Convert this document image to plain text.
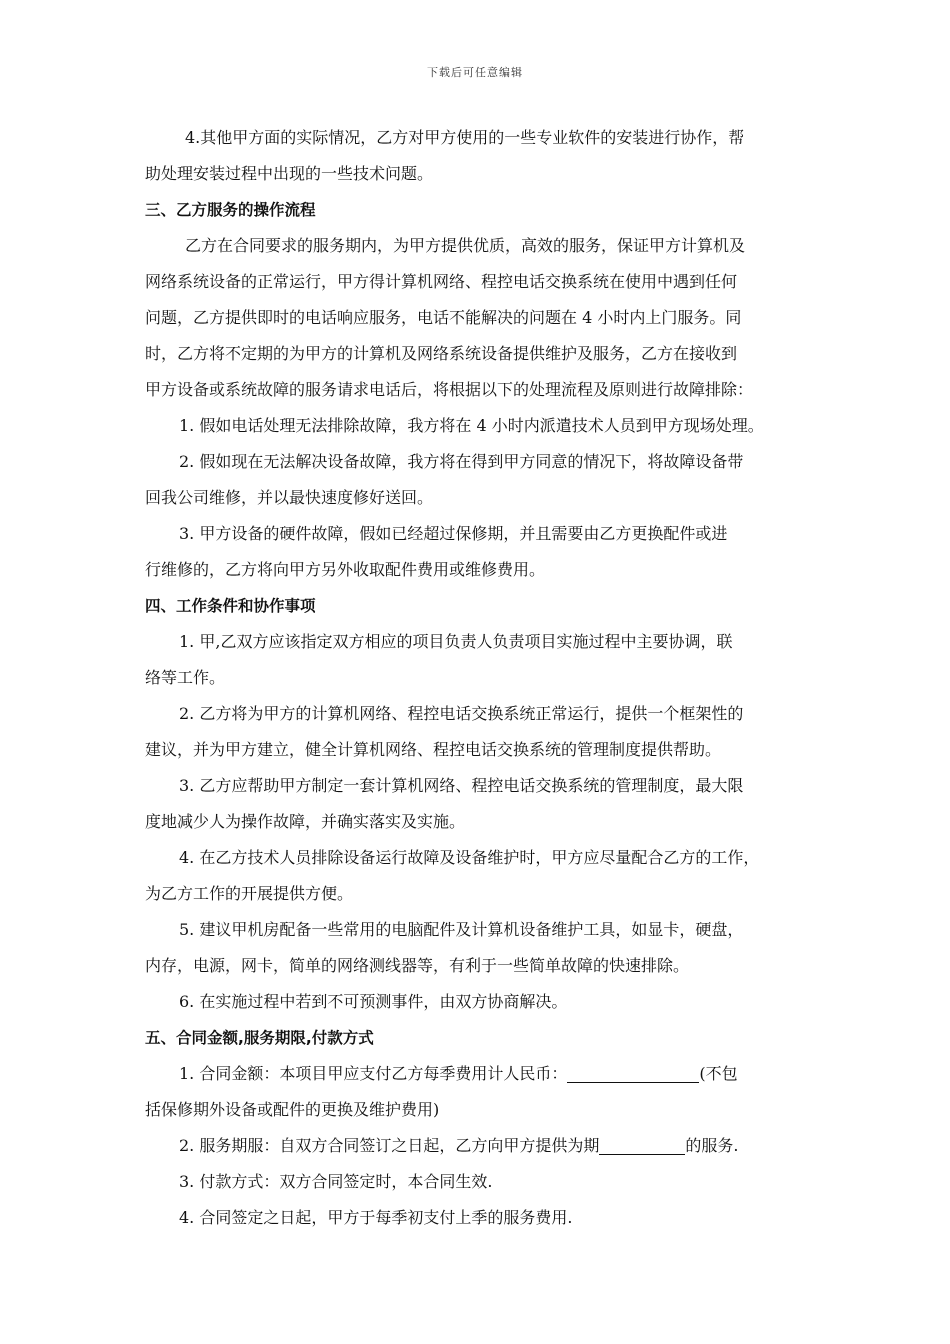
下载后可任意编辑
4.其他甲方面的实际情况，乙方对甲方使用的一些专业软件的安装进行协作，帮
助处理安装过程中出现的一些技术问题。
三、乙方服务的操作流程
乙方在合同要求的服务期内，为甲方提供优质，高效的服务，保证甲方计算机及
网络系统设备的正常运行，甲方得计算机网络、程控电话交换系统在使用中遇到任何
问题，乙方提供即时的电话响应服务，电话不能解决的问题在 4 小时内上门服务。同
时，乙方将不定期的为甲方的计算机及网络系统设备提供维护及服务，乙方在接收到
甲方设备或系统故障的服务请求电话后，将根据以下的处理流程及原则进行故障排除：
1. 假如电话处理无法排除故障，我方将在 4 小时内派遣技术人员到甲方现场处理。
2. 假如现在无法解决设备故障，我方将在得到甲方同意的情况下，将故障设备带
回我公司维修，并以最快速度修好送回。
3. 甲方设备的硬件故障，假如已经超过保修期，并且需要由乙方更换配件或进
行维修的，乙方将向甲方另外收取配件费用或维修费用。
四、工作条件和协作事项
1. 甲,乙双方应该指定双方相应的项目负责人负责项目实施过程中主要协调，联
络等工作。
2. 乙方将为甲方的计算机网络、程控电话交换系统正常运行，提供一个框架性的
建议，并为甲方建立，健全计算机网络、程控电话交换系统的管理制度提供帮助。
3. 乙方应帮助甲方制定一套计算机网络、程控电话交换系统的管理制度，最大限
度地减少人为操作故障，并确实落实及实施。
4. 在乙方技术人员排除设备运行故障及设备维护时，甲方应尽量配合乙方的工作，
为乙方工作的开展提供方便。
5. 建议甲机房配备一些常用的电脑配件及计算机设备维护工具，如显卡，硬盘，
内存，电源，网卡，简单的网络测线器等，有利于一些简单故障的快速排除。
6. 在实施过程中若到不可预测事件，由双方协商解决。
五、合同金额,服务期限,付款方式
1. 合同金额：本项目甲应支付乙方每季费用计人民币：	(不包
括保修期外设备或配件的更换及维护费用)
2. 服务期服：自双方合同签订之日起，乙方向甲方提供为期	的服务.
3. 付款方式：双方合同签定时，本合同生效.
4. 合同签定之日起，甲方于每季初支付上季的服务费用.
